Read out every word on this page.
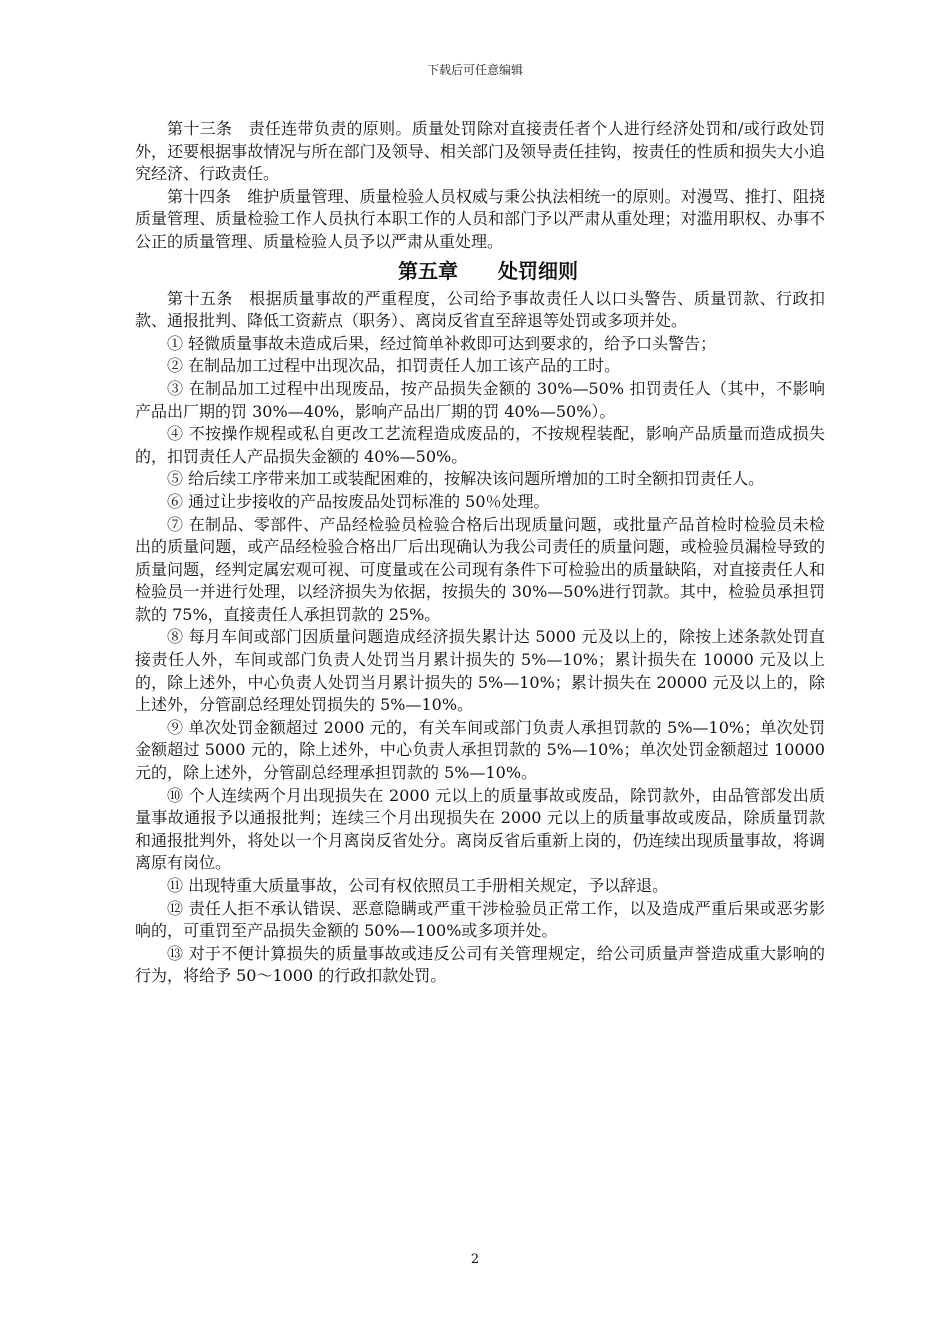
下载后可任意编辑

第十三条　责任连带负责的原则。质量处罚除对直接责任者个人进行经济处罚和/或行政处罚外，还要根据事故情况与所在部门及领导、相关部门及领导责任挂钩，按责任的性质和损失大小追究经济、行政责任。

第十四条　维护质量管理、质量检验人员权威与秉公执法相统一的原则。对漫骂、推打、阻挠质量管理、质量检验工作人员执行本职工作的人员和部门予以严肃从重处理；对滥用职权、办事不公正的质量管理、质量检验人员予以严肃从重处理。

第五章　　处罚细则

第十五条　根据质量事故的严重程度，公司给予事故责任人以口头警告、质量罚款、行政扣款、通报批判、降低工资薪点（职务）、离岗反省直至辞退等处罚或多项并处。

① 轻微质量事故未造成后果，经过简单补救即可达到要求的，给予口头警告；

② 在制品加工过程中出现次品，扣罚责任人加工该产品的工时。

③ 在制品加工过程中出现废品，按产品损失金额的 30%—50% 扣罚责任人（其中，不影响产品出厂期的罚 30%—40%，影响产品出厂期的罚 40%—50%）。

④ 不按操作规程或私自更改工艺流程造成废品的，不按规程装配，影响产品质量而造成损失的，扣罚责任人产品损失金额的 40%—50%。

⑤ 给后续工序带来加工或装配困难的，按解决该问题所增加的工时全额扣罚责任人。

⑥ 通过让步接收的产品按废品处罚标准的 50％处理。

⑦ 在制品、零部件、产品经检验员检验合格后出现质量问题，或批量产品首检时检验员未检出的质量问题，或产品经检验合格出厂后出现确认为我公司责任的质量问题，或检验员漏检导致的质量问题，经判定属宏观可视、可度量或在公司现有条件下可检验出的质量缺陷，对直接责任人和检验员一并进行处理，以经济损失为依据，按损失的 30%—50%进行罚款。其中，检验员承担罚款的 75%，直接责任人承担罚款的 25%。

⑧ 每月车间或部门因质量问题造成经济损失累计达 5000 元及以上的，除按上述条款处罚直接责任人外，车间或部门负责人处罚当月累计损失的 5%—10%；累计损失在 10000 元及以上的，除上述外，中心负责人处罚当月累计损失的 5%—10%；累计损失在 20000 元及以上的，除上述外，分管副总经理处罚损失的 5%—10%。

⑨ 单次处罚金额超过 2000 元的，有关车间或部门负责人承担罚款的 5%—10%；单次处罚金额超过 5000 元的，除上述外，中心负责人承担罚款的 5%—10%；单次处罚金额超过 10000 元的，除上述外，分管副总经理承担罚款的 5%—10%。

⑩ 个人连续两个月出现损失在 2000 元以上的质量事故或废品，除罚款外，由品管部发出质量事故通报予以通报批判；连续三个月出现损失在 2000 元以上的质量事故或废品，除质量罚款和通报批判外，将处以一个月离岗反省处分。离岗反省后重新上岗的，仍连续出现质量事故，将调离原有岗位。

⑪ 出现特重大质量事故，公司有权依照员工手册相关规定，予以辞退。

⑫ 责任人拒不承认错误、恶意隐瞒或严重干涉检验员正常工作，以及造成严重后果或恶劣影响的，可重罚至产品损失金额的 50%—100%或多项并处。

⑬ 对于不便计算损失的质量事故或违反公司有关管理规定，给公司质量声誉造成重大影响的行为，将给予 50～1000 的行政扣款处罚。

2
